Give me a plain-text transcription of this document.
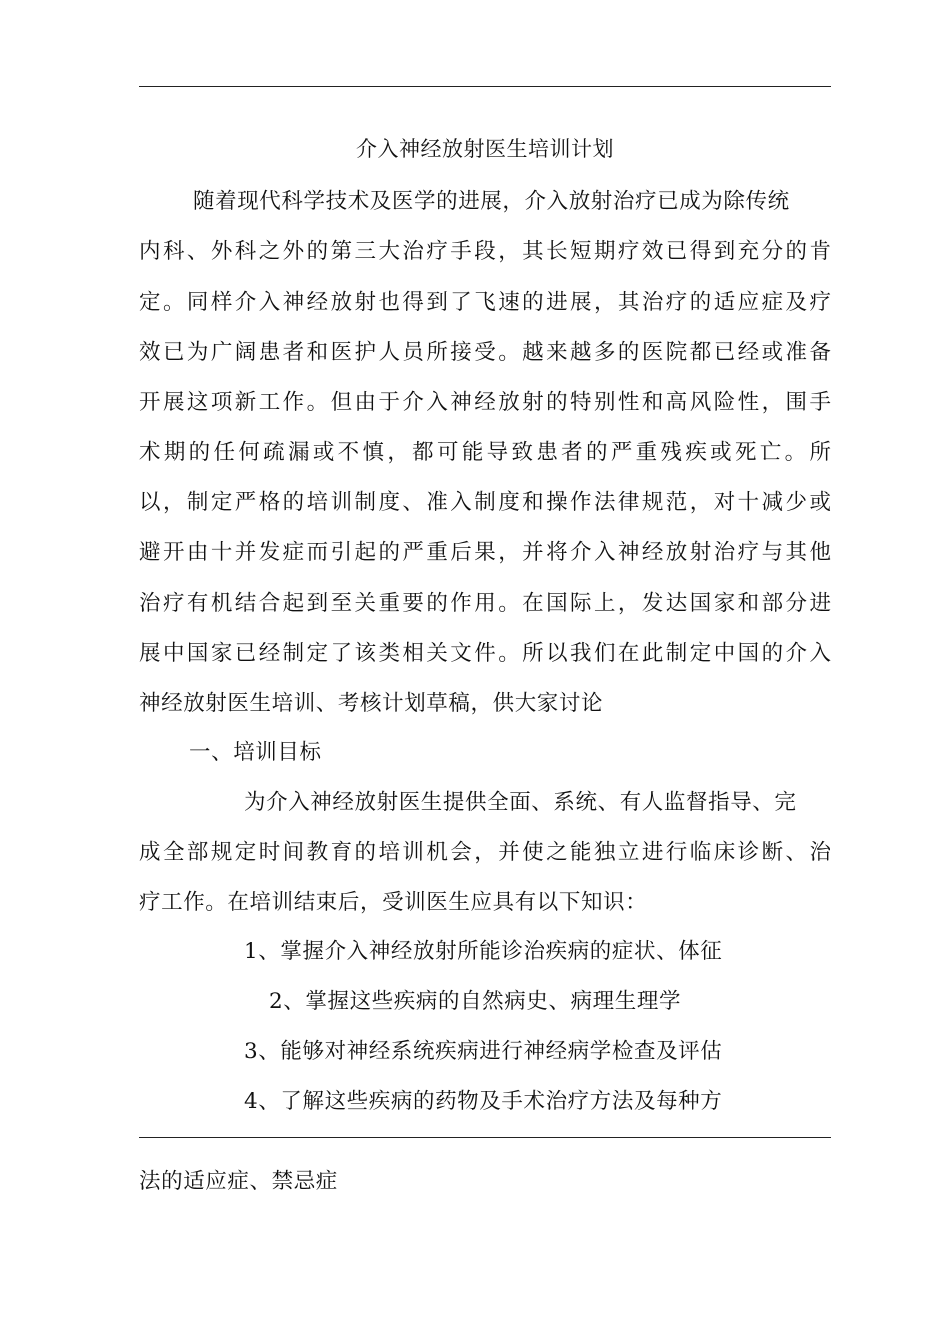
介入神经放射医生培训计划
随着现代科学技术及医学的进展，介入放射治疗已成为除传统
内科、外科之外的第三大治疗手段，其长短期疗效已得到充分的肯
定。同样介入神经放射也得到了飞速的进展，其治疗的适应症及疗
效已为广阔患者和医护人员所接受。越来越多的医院都已经或准备
开展这项新工作。但由于介入神经放射的特别性和高风险性，围手
术期的任何疏漏或不慎，都可能导致患者的严重残疾或死亡。所
以，制定严格的培训制度、准入制度和操作法律规范，对十减少或
避开由十并发症而引起的严重后果，并将介入神经放射治疗与其他
治疗有机结合起到至关重要的作用。在国际上，发达国家和部分进
展中国家已经制定了该类相关文件。所以我们在此制定中国的介入
神经放射医生培训、考核计划草稿，供大家讨论
一、培训目标
为介入神经放射医生提供全面、系统、有人监督指导、完
成全部规定时间教育的培训机会，并使之能独立进行临床诊断、治
疗工作。在培训结束后，受训医生应具有以下知识：
1、掌握介入神经放射所能诊治疾病的症状、体征
2、掌握这些疾病的自然病史、病理生理学
3、能够对神经系统疾病进行神经病学检查及评估
4、了解这些疾病的药物及手术治疗方法及每种方
法的适应症、禁忌症
